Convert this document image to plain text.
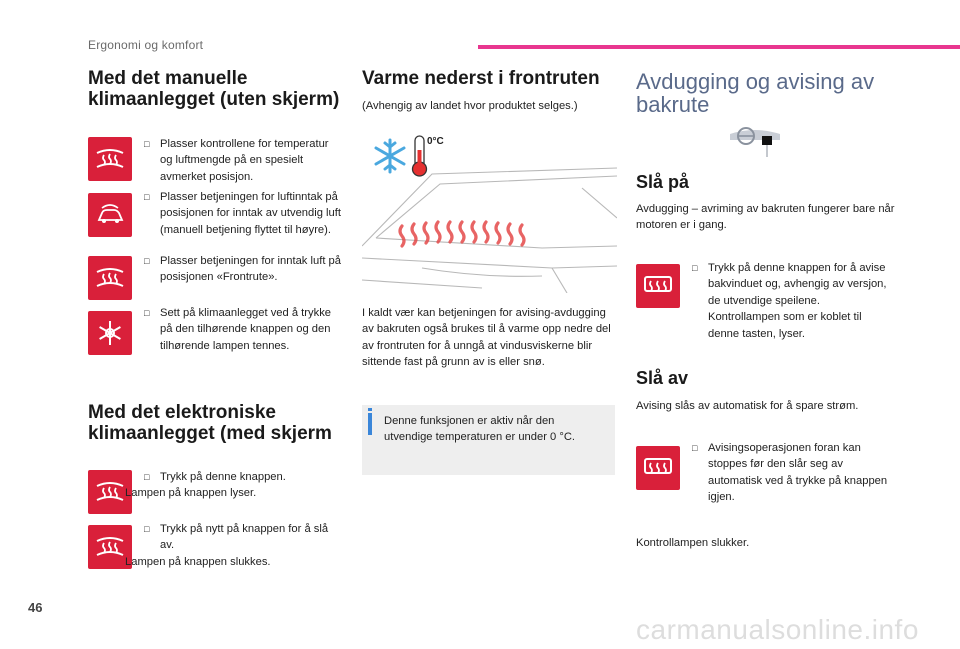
Ergonomi og komfort
Med det manuelle klimaanlegget (uten skjerm)
□ Plasser kontrollene for temperatur og luftmengde på en spesielt avmerket posisjon.
□ Plasser betjeningen for luftinntak på posisjonen for inntak av utvendig luft (manuell betjening flyttet til høyre).
□ Plasser betjeningen for inntak luft på posisjonen «Frontrute».
□ Sett på klimaanlegget ved å trykke på den tilhørende knappen og den tilhørende lampen tennes.
Med det elektroniske klimaanlegget (med skjerm
□ Trykk på denne knappen.
Lampen på knappen lyser.
□ Trykk på nytt på knappen for å slå av.
Lampen på knappen slukkes.
Varme nederst i frontruten
(Avhengig av landet hvor produktet selges.)
0°C
I kaldt vær kan betjeningen for avising-avdugging av bakruten også brukes til å varme opp nedre del av frontruten for å unngå at vindusviskerne blir sittende fast på grunn av is eller snø.
Denne funksjonen er aktiv når den utvendige temperaturen er under 0 °C.
Avdugging og avising av bakrute
Slå på
Avdugging – avriming av bakruten fungerer bare når motoren er i gang.
□ Trykk på denne knappen for å avise bakvinduet og, avhengig av versjon, de utvendige speilene. Kontrollampen som er koblet til denne tasten, lyser.
Slå av
Avising slås av automatisk for å spare strøm.
□ Avisingsoperasjonen foran kan stoppes før den slår seg av automatisk ved å trykke på knappen igjen.
Kontrollampen slukker.
46
carmanualsonline.info
